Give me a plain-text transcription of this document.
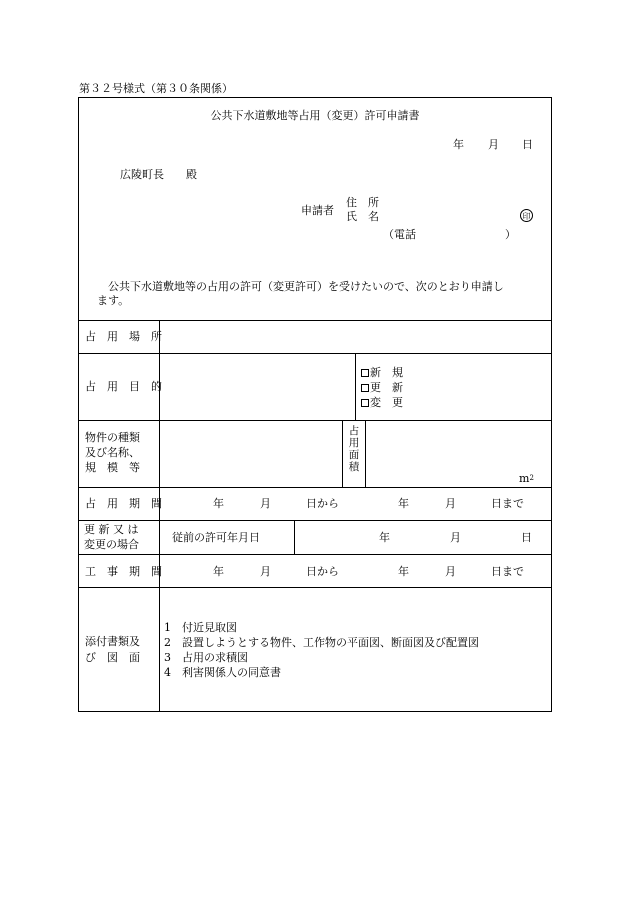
第３２号様式（第３０条関係）
公共下水道敷地等占用（変更）許可申請書
年 月 日
広陵町長 殿
申請者
住　所
氏　名	印
（電話	）
公共下水道敷地等の占用の許可（変更許可）を受けたいので、次のとおり申請し
ます。
占　用　場　所
占　用　目　的
新　規
更　新
変　更
物件の種類
及び名称、
規　模　等
占
用
面
積
$m^2$
占　用　期　間	年	月	日から	年	月	日まで
更 新 又 は
変更の場合
従前の許可年月日	年	月	日
工　事　期　間	年	月	日から	年	月	日まで
添付書類及
び　図　面
1　付近見取図
2　設置しようとする物件、工作物の平面図、断面図及び配置図
3　占用の求積図
4　利害関係人の同意書
